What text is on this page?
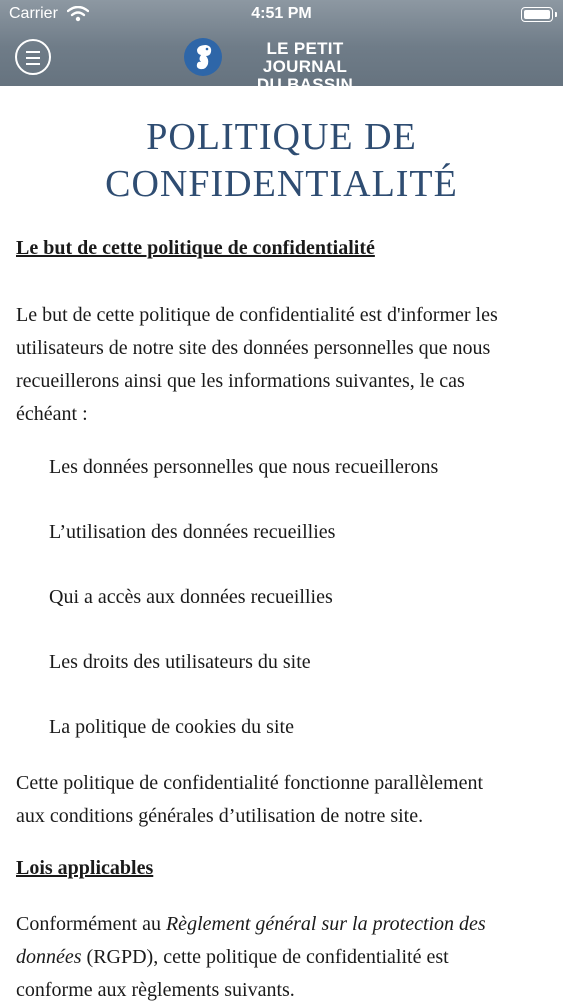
Carrier	4:51 PM
LE PETIT JOURNAL
DU BASSIN
POLITIQUE DE
CONFIDENTIALITÉ
Le but de cette politique de confidentialité

Le but de cette politique de confidentialité est d'informer les
utilisateurs de notre site des données personnelles que nous
recueillerons ainsi que les informations suivantes, le cas
échéant :

Les données personnelles que nous recueillerons
L’utilisation des données recueillies
Qui a accès aux données recueillies
Les droits des utilisateurs du site
La politique de cookies du site

Cette politique de confidentialité fonctionne parallèlement
aux conditions générales d’utilisation de notre site.

Lois applicables

Conformément au Règlement général sur la protection des
données (RGPD), cette politique de confidentialité est
conforme aux règlements suivants.
